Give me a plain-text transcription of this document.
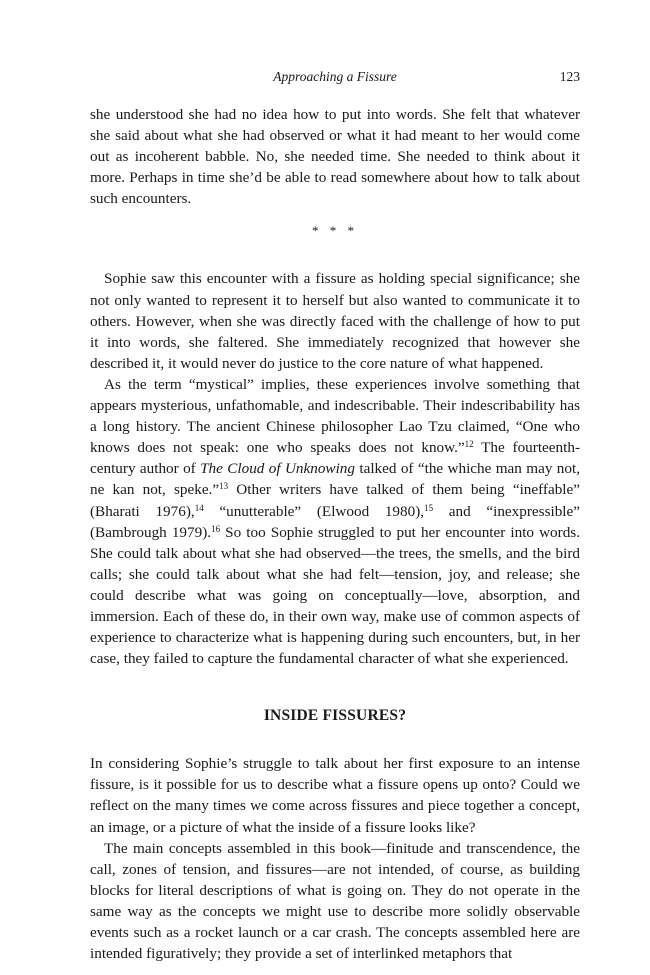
Approaching a Fissure	123

she understood she had no idea how to put into words. She felt that whatever she said about what she had observed or what it had meant to her would come out as incoherent babble. No, she needed time. She needed to think about it more. Perhaps in time she’d be able to read somewhere about how to talk about such encounters.

* * *

Sophie saw this encounter with a fissure as holding special significance; she not only wanted to represent it to herself but also wanted to communicate it to others. However, when she was directly faced with the challenge of how to put it into words, she faltered. She immediately recognized that however she described it, it would never do justice to the core nature of what happened.

As the term “mystical” implies, these experiences involve something that appears mysterious, unfathomable, and indescribable. Their indescribability has a long history. The ancient Chinese philosopher Lao Tzu claimed, “One who knows does not speak: one who speaks does not know.”$^{12}$ The fourteenth-century author of The Cloud of Unknowing talked of “the whiche man may not, ne kan not, speke.”$^{13}$ Other writers have talked of them being “ineffable” (Bharati 1976),$^{14}$ “unutterable” (Elwood 1980),$^{15}$ and “inexpressible” (Bambrough 1979).$^{16}$ So too Sophie struggled to put her encounter into words. She could talk about what she had observed—the trees, the smells, and the bird calls; she could talk about what she had felt—tension, joy, and release; she could describe what was going on conceptually—love, absorption, and immersion. Each of these do, in their own way, make use of common aspects of experience to characterize what is happening during such encounters, but, in her case, they failed to capture the fundamental character of what she experienced.

INSIDE FISSURES?

In considering Sophie’s struggle to talk about her first exposure to an intense fissure, is it possible for us to describe what a fissure opens up onto? Could we reflect on the many times we come across fissures and piece together a concept, an image, or a picture of what the inside of a fissure looks like?

The main concepts assembled in this book—finitude and transcendence, the call, zones of tension, and fissures—are not intended, of course, as building blocks for literal descriptions of what is going on. They do not operate in the same way as the concepts we might use to describe more solidly observable events such as a rocket launch or a car crash. The concepts assembled here are intended figuratively; they provide a set of interlinked metaphors that
